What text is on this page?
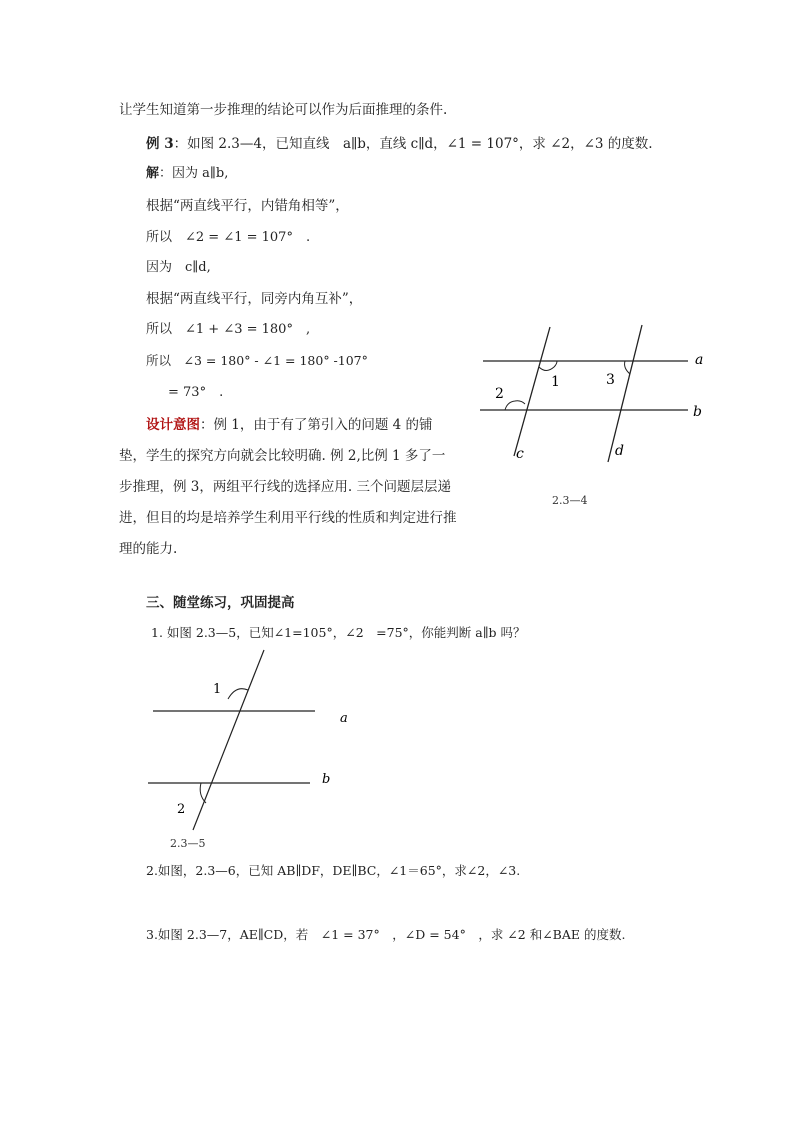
让学生知道第一步推理的结论可以作为后面推理的条件.
例 3：如图 2.3—4，已知直线　a∥b，直线 c∥d，∠1 = 107°，求 ∠2，∠3 的度数.
解：因为 a∥b,
根据“两直线平行，内错角相等”，
所以　∠2 = ∠1 = 107°　.
因为　c∥d,
根据“两直线平行，同旁内角互补”，
所以　∠1 + ∠3 = 180°　,
所以　∠3 = 180° - ∠1 = 180° -107°
= 73°　.
设计意图：例 1，由于有了第引入的问题 4 的铺垫，学生的探究方向就会比较明确. 例 2,比例 1 多了一步推理，例 3，两组平行线的选择应用. 三个问题层层递进，但目的均是培养学生利用平行线的性质和判定进行推理的能力.
a
b
c	d
1
2
3
2.3—4
三、随堂练习，巩固提高
1. 如图 2.3—5，已知∠1=105°，∠2　=75°，你能判断 a∥b 吗？
a
b
1
2
2.3—5
2.如图，2.3—6，已知 AB∥DF，DE∥BC，∠1＝65°，求∠2，∠3.
3.如图 2.3—7，AE∥CD，若　∠1 = 37°　，∠D = 54°　，求 ∠2 和∠BAE 的度数.
